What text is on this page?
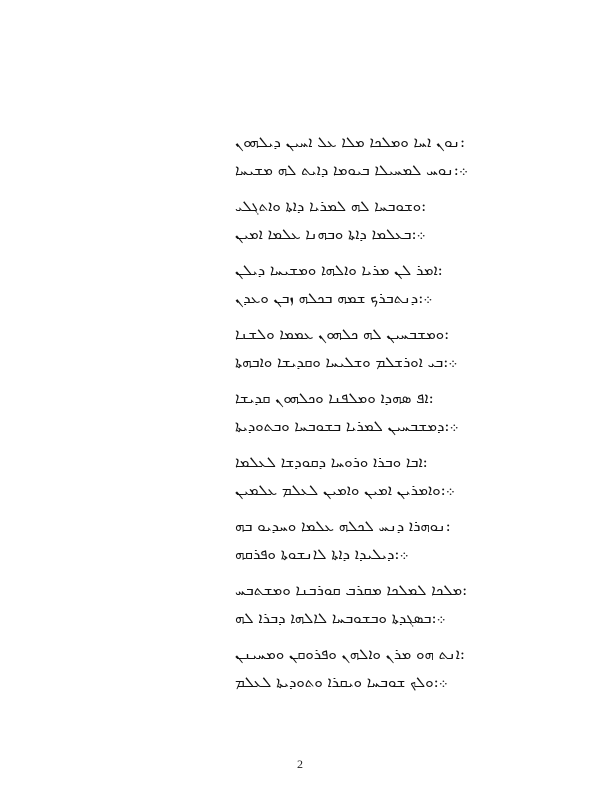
:ܢܘܢ ܐܚܐ ܘܡܠܟܐ ܡܠܐ ܥܠ ܐܚܝܢ ܕܝܠܗܘܢ
܀:ܢܘܚ ܠܡܚܝܠܐ ܒܝܘܡܐ ܕܐܝܬ ܠܗ ܡܫܝܚܐ
:ܘܫܘܒܚܐ ܠܗ ܠܡܪܝܐ ܕܐܬܐ ܘܐܬܓܠܝ
܀:ܒܥܠܡܐ ܕܐܬܐ ܘܒܗܢܐ ܥܠܡܐ ܐܡܝܢ
:ܐܡܪ ܠܢ ܡܪܝܐ ܘܐܠܗܐ ܘܡܫܝܚܐ ܕܝܠܢ
܀:ܕܢܬܒܪܟ ܫܡܗ ܒܟܠܗ ܙܒܢ ܘܥܕܢ
:ܘܡܫܒܚܝܢ ܠܗ ܟܠܗܘܢ ܥܡܡܐ ܘܠܫܢܐ
܀:ܒܝ ܐܘܪܫܠܡ ܘܫܠܝܚܐ ܘܩܕܝܫܐ ܘܐܒܗܬܐ
:ܐܦ ܣܗܕܐ ܘܡܠܦܢܐ ܘܟܠܗܘܢ ܩܕܝܫܐ
܀:ܕܡܫܒܚܝܢ ܠܡܪܝܐ ܒܫܘܒܚܐ ܘܒܬܘܕܝܬܐ
:ܐܒܐ ܘܒܪܐ ܘܪܘܚܐ ܕܩܘܕܫܐ ܠܥܠܡܐ
܀:ܘܐܡܪܝܢ ܐܡܝܢ ܘܐܡܝܢ ܠܥܠܡ ܥܠܡܝܢ
:ܢܘܗܪܐ ܕܢܚ ܠܟܠܗ ܥܠܡܐ ܘܚܕܝܘ ܒܗ
܀:ܕܝܠܝܕܐ ܕܐܬܐ ܠܐܢܫܘܬܐ ܘܦܪܩܗ
:ܡܠܟܐ ܠܡܠܟܐ ܡܩܪܒ ܩܘܪܒܢܐ ܘܡܫܬܒܚ
܀:ܒܣܓܕܬܐ ܘܒܫܘܒܚܐ ܠܐܠܗܐ ܕܒܪܐ ܠܗ
:ܐܢܬ ܗܘ ܡܪܢ ܘܐܠܗܢ ܘܦܪܘܩܢ ܘܡܚܝܢܢ
܀:ܘܠܟ ܫܘܒܚܐ ܘܝܩܪܐ ܘܬܘܕܝܬܐ ܠܥܠܡ
2
